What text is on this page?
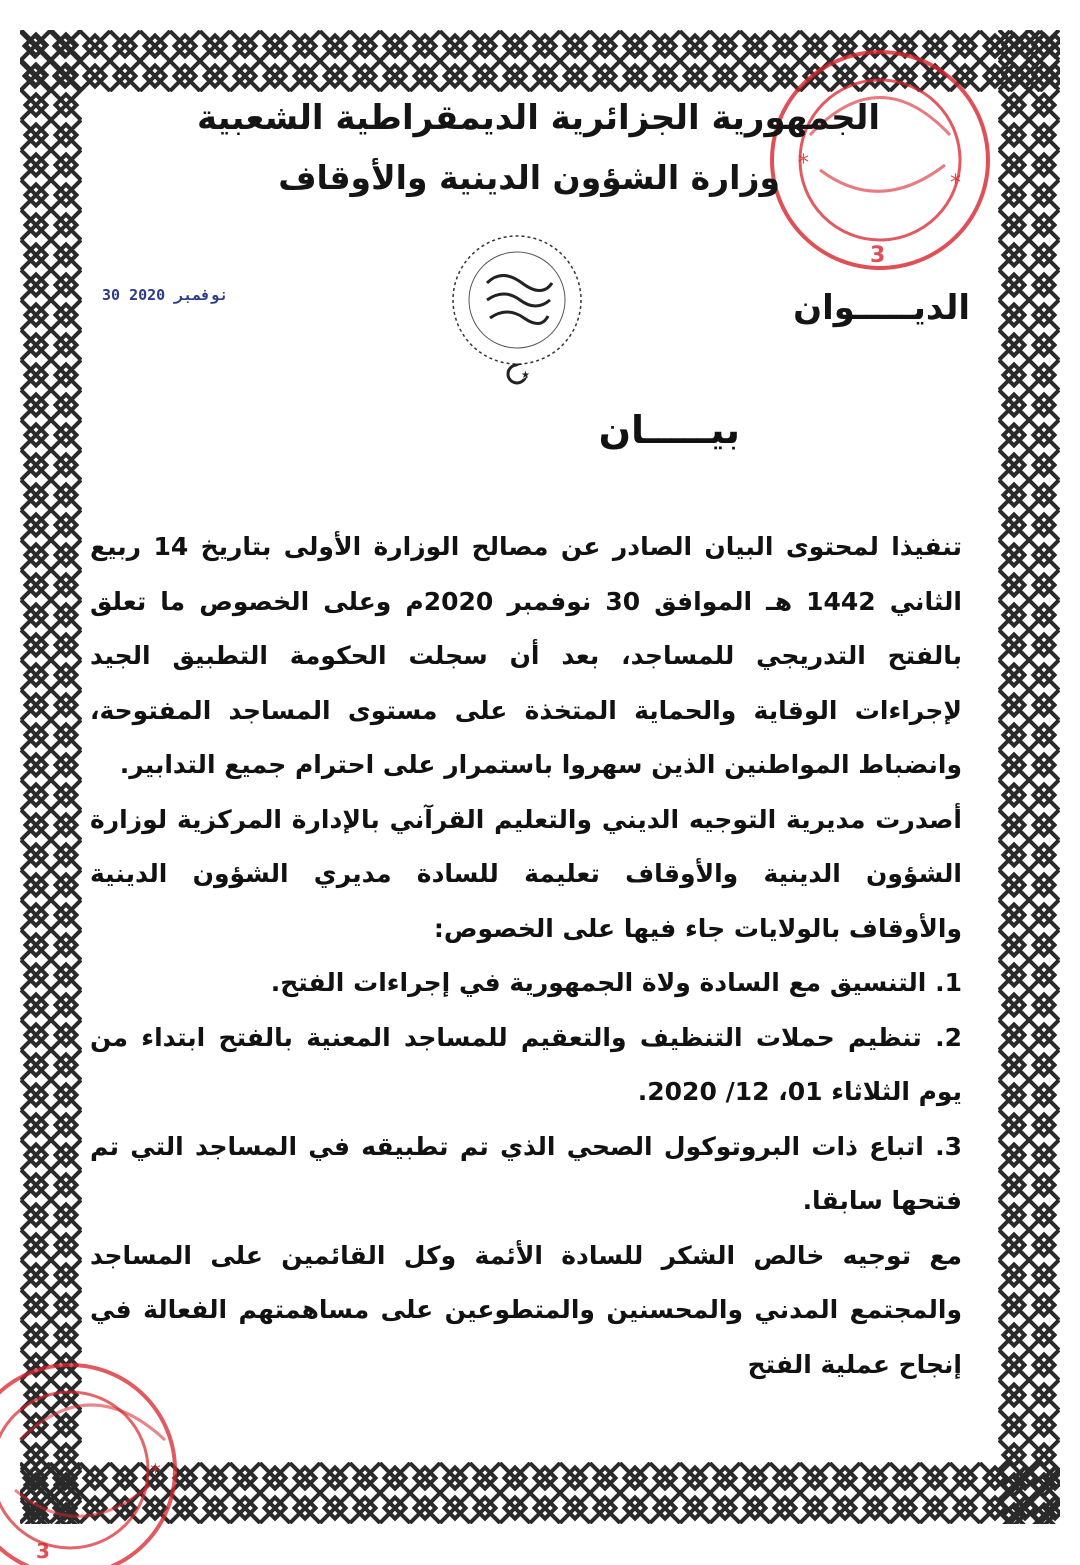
*
*
3
*
3
الجمهورية الجزائرية الديمقراطية الشعبية
وزارة الشؤون الدينية والأوقاف
30 نوفمبر 2020	الديـــــوان
★
بيـــــان

تنفيذا لمحتوى البيان الصادر عن مصالح الوزارة الأولى بتاريخ 14 ربيع الثاني 1442 هـ الموافق 30 نوفمبر 2020م وعلى الخصوص ما تعلق بالفتح التدريجي للمساجد، بعد أن سجلت الحكومة التطبيق الجيد لإجراءات الوقاية والحماية المتخذة على مستوى المساجد المفتوحة، وانضباط المواطنين الذين سهروا باستمرار على احترام جميع التدابير.

أصدرت مديرية التوجيه الديني والتعليم القرآني بالإدارة المركزية لوزارة الشؤون الدينية والأوقاف تعليمة للسادة مديري الشؤون الدينية والأوقاف بالولايات جاء فيها على الخصوص:

1. التنسيق مع السادة ولاة الجمهورية في إجراءات الفتح.

2. تنظيم حملات التنظيف والتعقيم للمساجد المعنية بالفتح ابتداء من يوم الثلاثاء 01، 12/ 2020.

3. اتباع ذات البروتوكول الصحي الذي تم تطبيقه في المساجد التي تم فتحها سابقا.

مع توجيه خالص الشكر للسادة الأئمة وكل القائمين على المساجد والمجتمع المدني والمحسنين والمتطوعين على مساهمتهم الفعالة في إنجاح عملية الفتح
